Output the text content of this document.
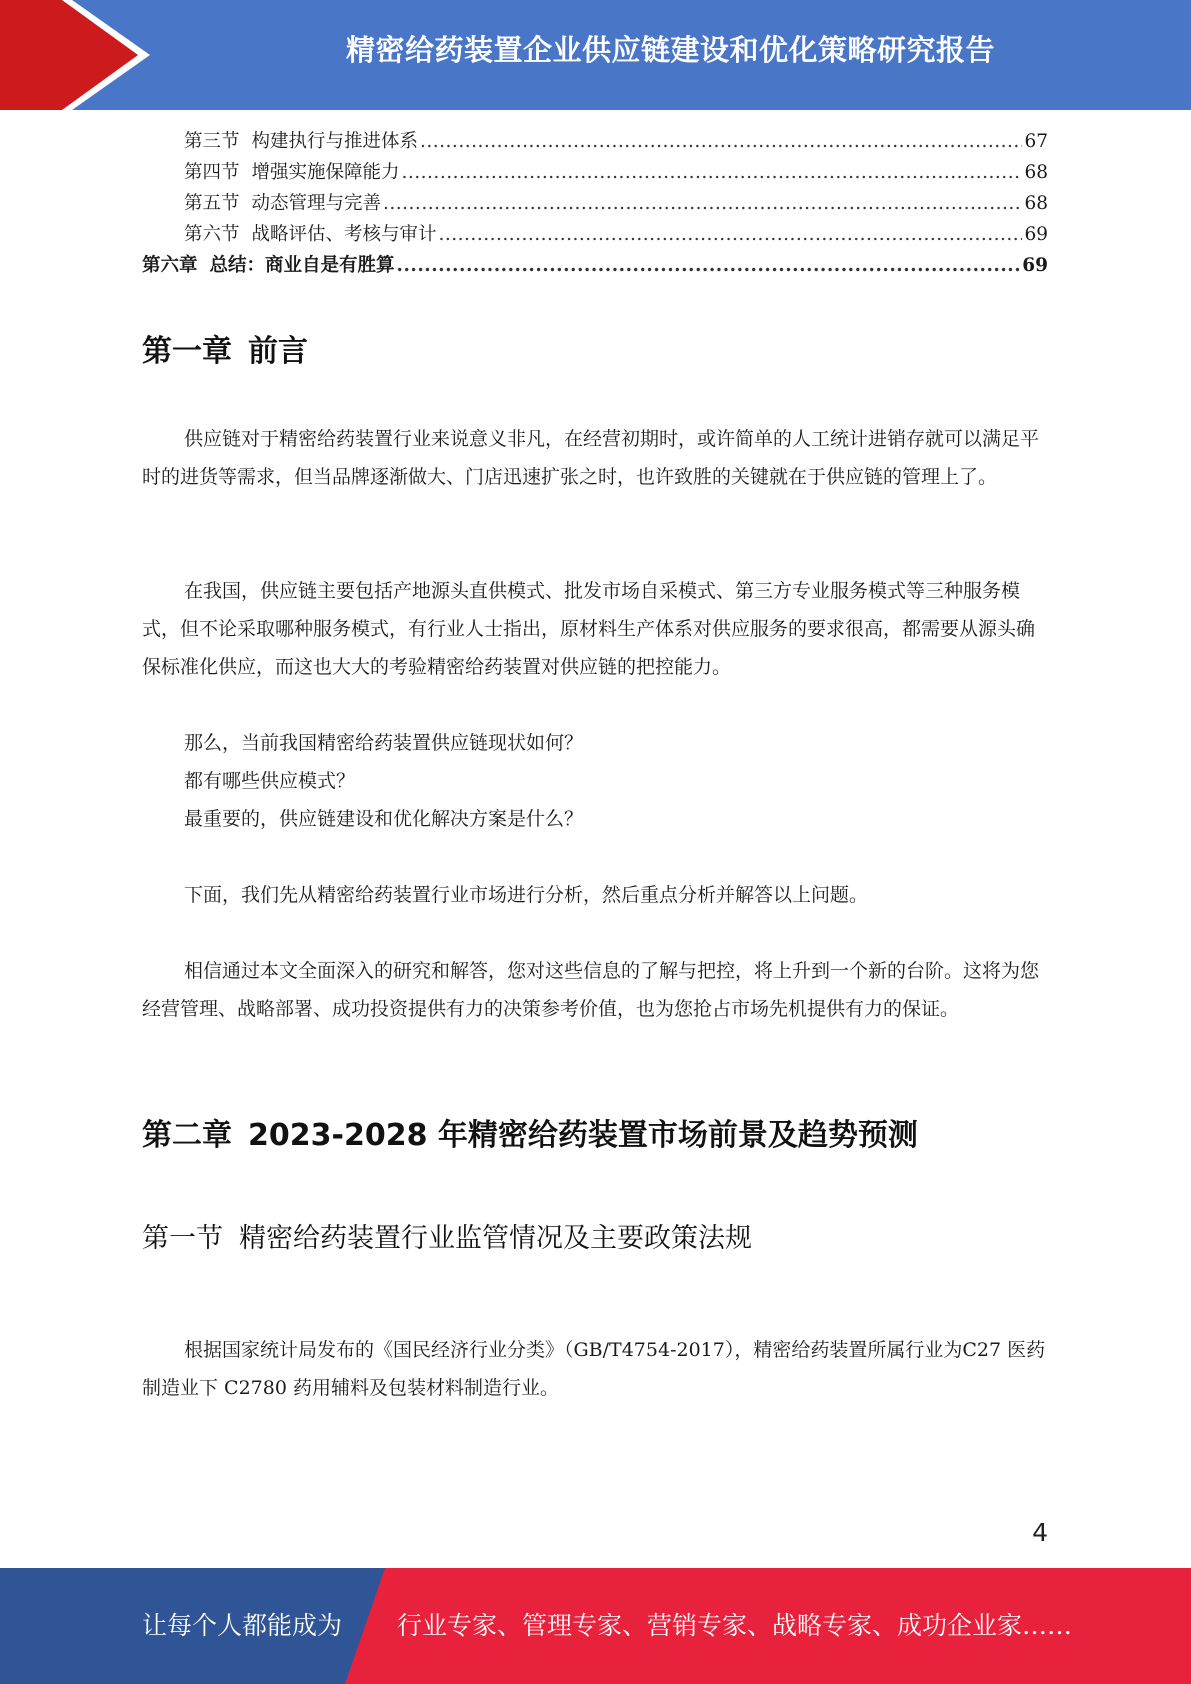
精密给药装置企业供应链建设和优化策略研究报告
第三节 构建执行与推进体系 .....	67
第四节 增强实施保障能力 .....	68
第五节 动态管理与完善 .....	68
第六节 战略评估、考核与审计 .....	69
第六章 总结：商业自是有胜算 .....	69
第一章 前言

供应链对于精密给药装置行业来说意义非凡，在经营初期时，或许简单的人工统计进销存就可以满足平时的进货等需求，但当品牌逐渐做大、门店迅速扩张之时，也许致胜的关键就在于供应链的管理上了。

在我国，供应链主要包括产地源头直供模式、批发市场自采模式、第三方专业服务模式等三种服务模式，但不论采取哪种服务模式，有行业人士指出，原材料生产体系对供应服务的要求很高，都需要从源头确保标准化供应，而这也大大的考验精密给药装置对供应链的把控能力。

那么，当前我国精密给药装置供应链现状如何？
都有哪些供应模式？
最重要的，供应链建设和优化解决方案是什么？

下面，我们先从精密给药装置行业市场进行分析，然后重点分析并解答以上问题。

相信通过本文全面深入的研究和解答，您对这些信息的了解与把控，将上升到一个新的台阶。这将为您经营管理、战略部署、成功投资提供有力的决策参考价值，也为您抢占市场先机提供有力的保证。

第二章 2023-2028 年精密给药装置市场前景及趋势预测
第一节 精密给药装置行业监管情况及主要政策法规

根据国家统计局发布的《国民经济行业分类》（GB/T4754-2017），精密给药装置所属行业为C27 医药制造业下 C2780 药用辅料及包装材料制造行业。

4
让每个人都能成为 行业专家、管理专家、营销专家、战略专家、成功企业家……
